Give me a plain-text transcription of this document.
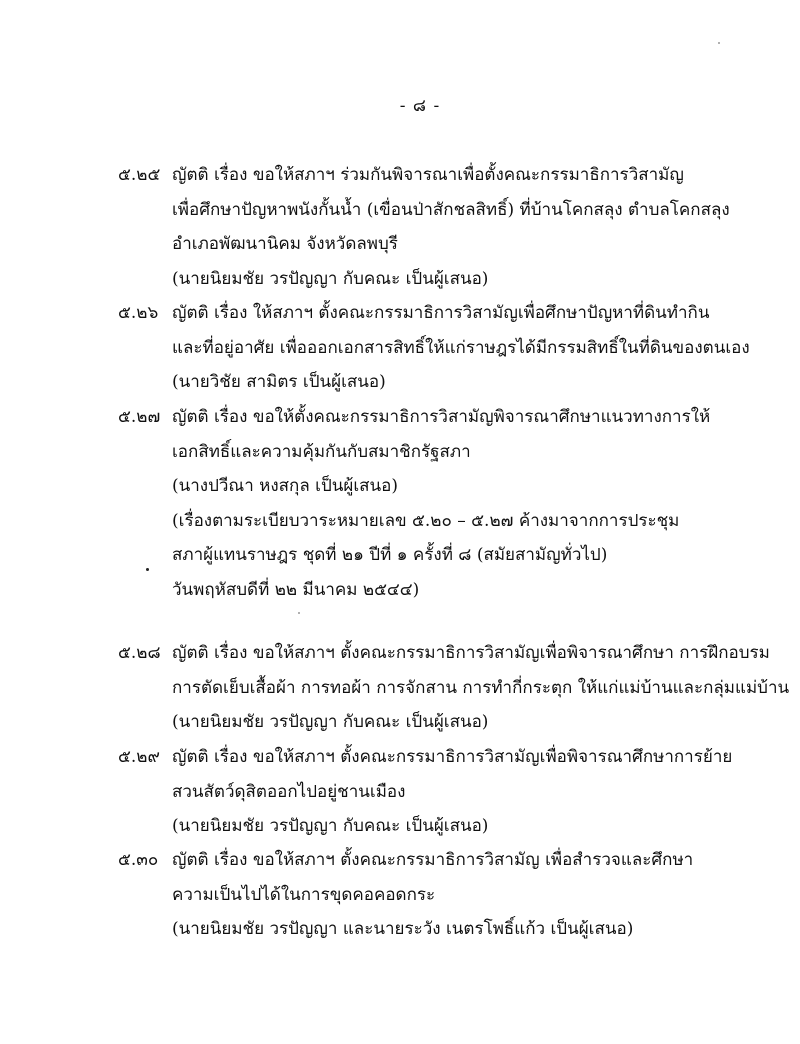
- ๘ -
๕.๒๕ ญัตติ เรื่อง ขอให้สภาฯ ร่วมกันพิจารณาเพื่อตั้งคณะกรรมาธิการวิสามัญ
เพื่อศึกษาปัญหาพนังกั้นน้ำ (เขื่อนป่าสักชลสิทธิ์) ที่บ้านโคกสลุง ตำบลโคกสลุง
อำเภอพัฒนานิคม จังหวัดลพบุรี
(นายนิยมชัย วรปัญญา กับคณะ เป็นผู้เสนอ)
๕.๒๖ ญัตติ เรื่อง ให้สภาฯ ตั้งคณะกรรมาธิการวิสามัญเพื่อศึกษาปัญหาที่ดินทำกิน
และที่อยู่อาศัย เพื่อออกเอกสารสิทธิ์ให้แก่ราษฎรได้มีกรรมสิทธิ์ในที่ดินของตนเอง
(นายวิชัย สามิตร เป็นผู้เสนอ)
๕.๒๗ ญัตติ เรื่อง ขอให้ตั้งคณะกรรมาธิการวิสามัญพิจารณาศึกษาแนวทางการให้
เอกสิทธิ์และความคุ้มกันกับสมาชิกรัฐสภา
(นางปวีณา หงสกุล เป็นผู้เสนอ)
(เรื่องตามระเบียบวาระหมายเลข ๕.๒๐ – ๕.๒๗ ค้างมาจากการประชุม
สภาผู้แทนราษฎร ชุดที่ ๒๑ ปีที่ ๑ ครั้งที่ ๘ (สมัยสามัญทั่วไป)
วันพฤหัสบดีที่ ๒๒ มีนาคม ๒๕๔๔)
๕.๒๘ ญัตติ เรื่อง ขอให้สภาฯ ตั้งคณะกรรมาธิการวิสามัญเพื่อพิจารณาศึกษา การฝึกอบรม
การตัดเย็บเสื้อผ้า การทอผ้า การจักสาน การทำกี่กระตุก ให้แก่แม่บ้านและกลุ่มแม่บ้าน
(นายนิยมชัย วรปัญญา กับคณะ เป็นผู้เสนอ)
๕.๒๙ ญัตติ เรื่อง ขอให้สภาฯ ตั้งคณะกรรมาธิการวิสามัญเพื่อพิจารณาศึกษาการย้าย
สวนสัตว์ดุสิตออกไปอยู่ชานเมือง
(นายนิยมชัย วรปัญญา กับคณะ เป็นผู้เสนอ)
๕.๓๐ ญัตติ เรื่อง ขอให้สภาฯ ตั้งคณะกรรมาธิการวิสามัญ เพื่อสำรวจและศึกษา
ความเป็นไปได้ในการขุดคอคอดกระ
(นายนิยมชัย วรปัญญา และนายระวัง เนตรโพธิ์แก้ว เป็นผู้เสนอ)
